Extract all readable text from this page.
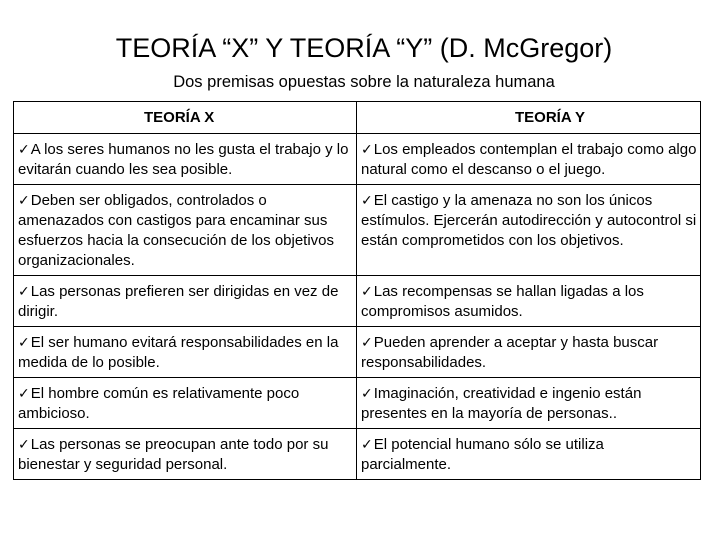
TEORÍA “X” Y TEORÍA “Y” (D. McGregor)
Dos premisas opuestas sobre la naturaleza humana
TEORÍA X	TEORÍA Y

✓A los seres humanos no les gusta el trabajo y lo evitarán cuando les sea posible.	✓Los empleados contemplan el trabajo como algo natural como el descanso o el juego.

✓Deben ser obligados, controlados o amenazados con castigos para encaminar sus esfuerzos hacia la consecución de los objetivos organizacionales.	✓El castigo y la amenaza no son los únicos estímulos. Ejercerán autodirección y autocontrol si están comprometidos con los objetivos.

✓Las personas prefieren ser dirigidas en vez de dirigir.	✓Las recompensas se hallan ligadas a los compromisos asumidos.

✓El ser humano evitará responsabilidades en la medida de lo posible.	✓Pueden aprender a aceptar y hasta buscar responsabilidades.

✓El hombre común es relativamente poco ambicioso.	✓Imaginación, creatividad e ingenio están presentes en la mayoría de personas..

✓Las personas se preocupan ante todo por su bienestar y seguridad personal.	✓El potencial humano sólo se utiliza parcialmente.
